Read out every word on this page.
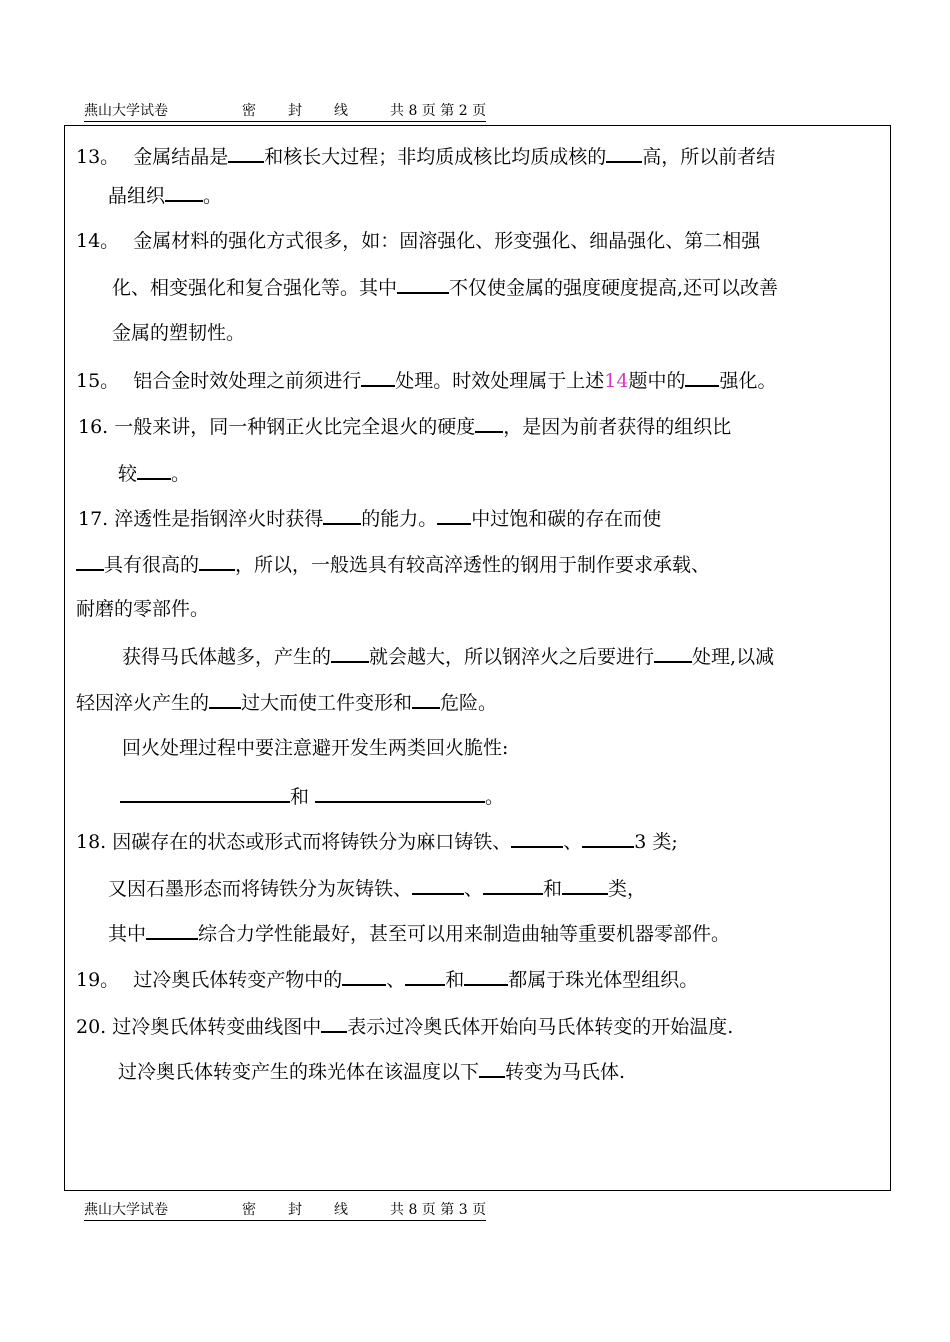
燕山大学试卷	密 封 线	共 8 页 第 2 页
13。 金属结晶是 和核长大过程；非均质成核比均质成核的 高，所以前者结
晶组织 。
14。 金属材料的强化方式很多，如：固溶强化、形变强化、细晶强化、第二相强
化、相变强化和复合强化等。其中	不仅使金属的强度硬度提高,还可以改善
金属的塑韧性。
15。 铝合金时效处理之前须进行 处理。时效处理属于上述14题中的 强化。
16. 一般来讲，同一种钢正火比完全退火的硬度 ，是因为前者获得的组织比
较 。
17. 淬透性是指钢淬火时获得 的能力。 中过饱和碳的存在而使
具有很高的 ，所以，一般选具有较高淬透性的钢用于制作要求承载、
耐磨的零部件。
获得马氏体越多，产生的 就会越大，所以钢淬火之后要进行 处理,以减
轻因淬火产生的 过大而使工件变形和 危险。
回火处理过程中要注意避开发生两类回火脆性:
和	。
18. 因碳存在的状态或形式而将铸铁分为麻口铸铁、	、	3 类;
又因石墨形态而将铸铁分为灰铸铁、	、	和 类，
其中	综合力学性能最好，甚至可以用来制造曲轴等重要机器零部件。
19。 过冷奥氏体转变产物中的 、 和 都属于珠光体型组织。
20. 过冷奥氏体转变曲线图中 表示过冷奥氏体开始向马氏体转变的开始温度.
过冷奥氏体转变产生的珠光体在该温度以下 转变为马氏体.
燕山大学试卷	密 封 线	共 8 页 第 3 页
